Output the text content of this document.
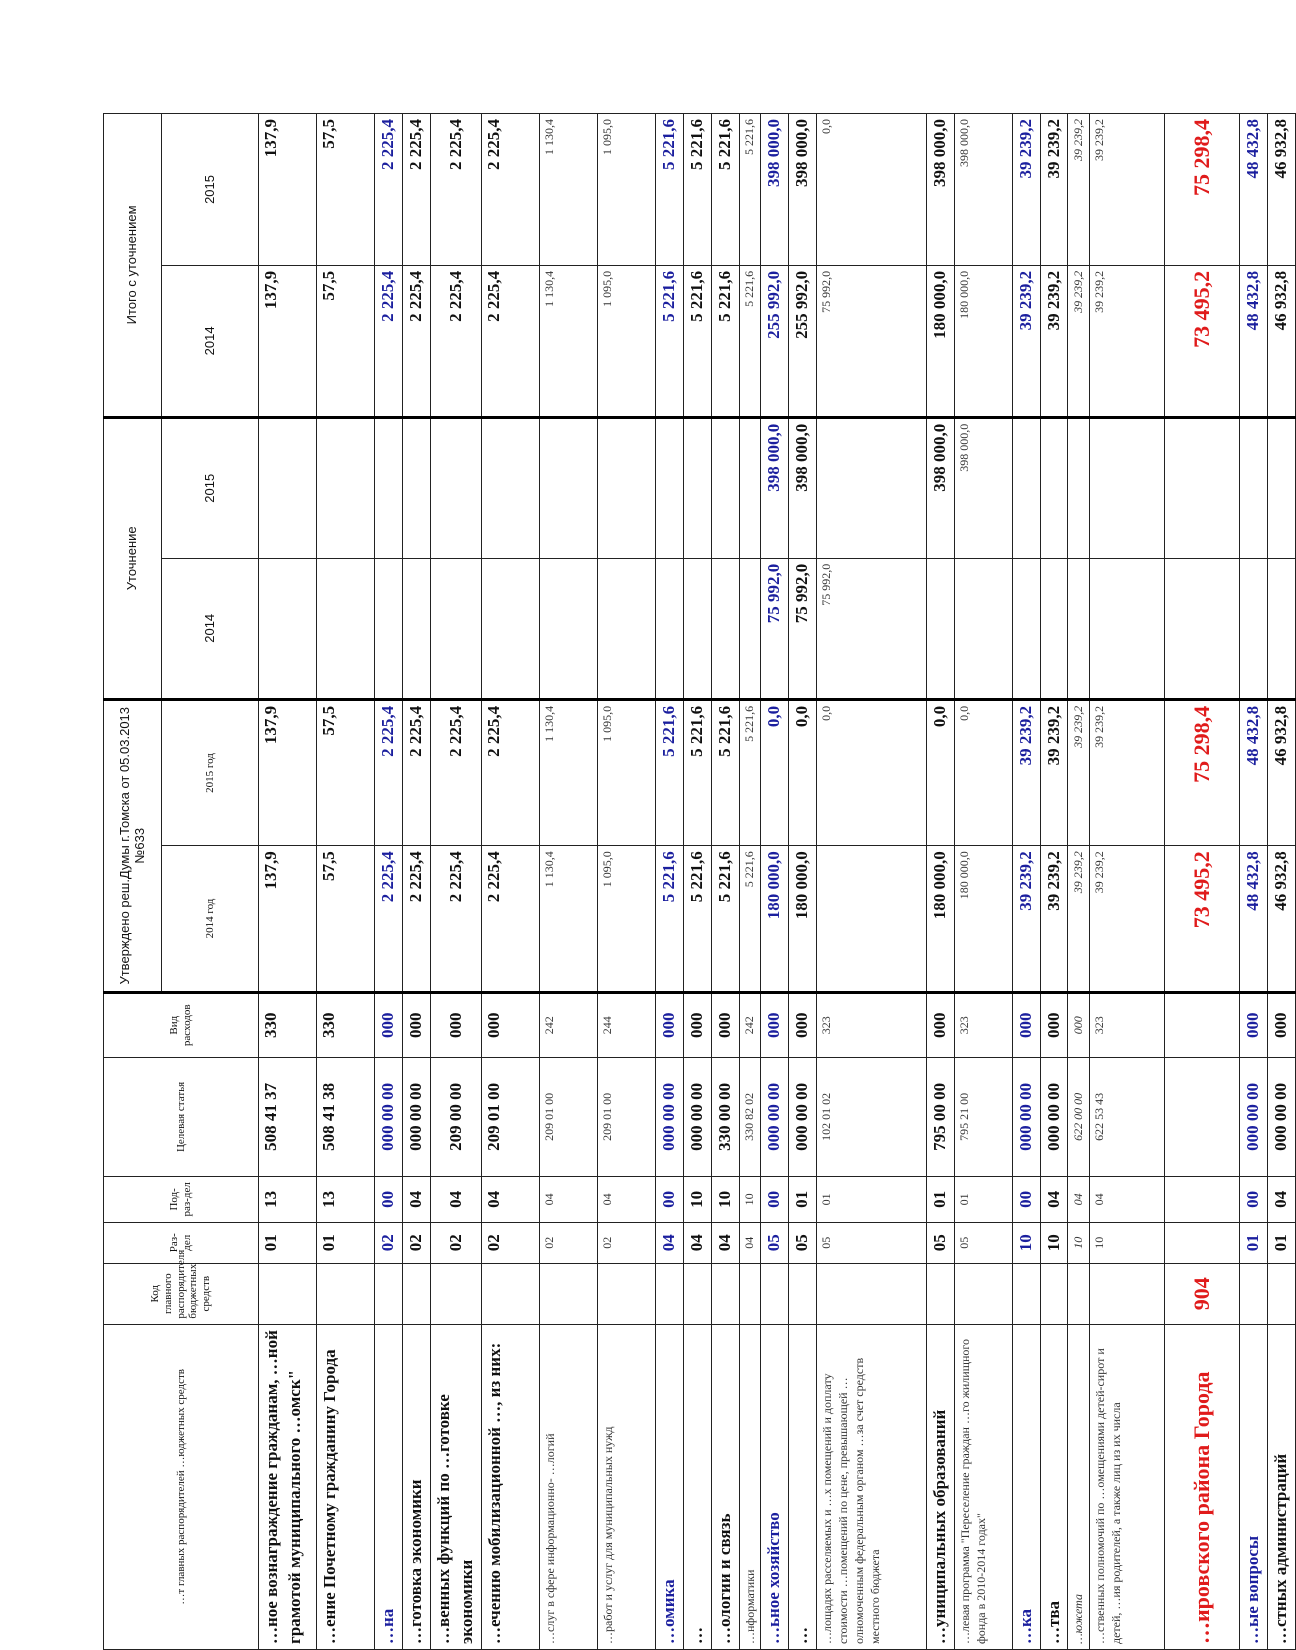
…т главных распорядителей …юджетных средств	Код главного распорядителя бюджетных средств	Раз-дел	Под-раз-дел	Целевая статья	Вид расходов	Утверждено реш.Думы г.Томска от 05.03.2013 №633		Уточнение		Итого с уточнением	
						2014 год	2015 год	2014	2015	2014	2015
…ное вознаграждение гражданам, …ной грамотой муниципального …омск"		01	13	508 41 37	330	137,9	137,9			137,9	137,9
…ение Почетному гражданину Города		01	13	508 41 38	330	57,5	57,5			57,5	57,5
…на		02	00	000 00 00	000	2 225,4	2 225,4			2 225,4	2 225,4
…готовка экономики		02	04	000 00 00	000	2 225,4	2 225,4			2 225,4	2 225,4
…венных функций по …готовке экономики		02	04	209 00 00	000	2 225,4	2 225,4			2 225,4	2 225,4
…ечению мобилизационной …, из них:		02	04	209 01 00	000	2 225,4	2 225,4			2 225,4	2 225,4
…слуг в сфере информационно- …логий		02	04	209 01 00	242	1 130,4	1 130,4			1 130,4	1 130,4
…работ и услуг для муниципальных нужд		02	04	209 01 00	244	1 095,0	1 095,0			1 095,0	1 095,0
…омика		04	00	000 00 00	000	5 221,6	5 221,6			5 221,6	5 221,6
…		04	10	000 00 00	000	5 221,6	5 221,6			5 221,6	5 221,6
…ологии и связь		04	10	330 00 00	000	5 221,6	5 221,6			5 221,6	5 221,6
…нформатики		04	10	330 82 02	242	5 221,6	5 221,6			5 221,6	5 221,6
…ьное хозяйство		05	00	000 00 00	000	180 000,0	0,0	75 992,0	398 000,0	255 992,0	398 000,0
…		05	01	000 00 00	000	180 000,0	0,0	75 992,0	398 000,0	255 992,0	398 000,0
…лощадях расселяемых и …х помещений и доплату стоимости …помещений по цене, превышающей …олномоченным федеральным органом …за счет средств местного бюджета		05	01	102 01 02	323		0,0	75 992,0		75 992,0	0,0
…униципальных образований		05	01	795 00 00	000	180 000,0	0,0		398 000,0	180 000,0	398 000,0
…левая программа "Переселение граждан …го жилищного фонда в 2010-2014 годах"		05	01	795 21 00	323	180 000,0	0,0		398 000,0	180 000,0	398 000,0
…ка		10	00	000 00 00	000	39 239,2	39 239,2			39 239,2	39 239,2
…тва		10	04	000 00 00	000	39 239,2	39 239,2			39 239,2	39 239,2
…южета		10	04	622 00 00	000	39 239,2	39 239,2			39 239,2	39 239,2
…ственных полномочий по …омещениями детей-сирот и детей, …ия родителей, а также лиц из их числа		10	04	622 53 43	323	39 239,2	39 239,2			39 239,2	39 239,2
…ировского района Города	904					73 495,2	75 298,4			73 495,2	75 298,4
…ые вопросы		01	00	000 00 00	000	48 432,8	48 432,8			48 432,8	48 432,8
…стных администраций		01	04	000 00 00	000	46 932,8	46 932,8			46 932,8	46 932,8
